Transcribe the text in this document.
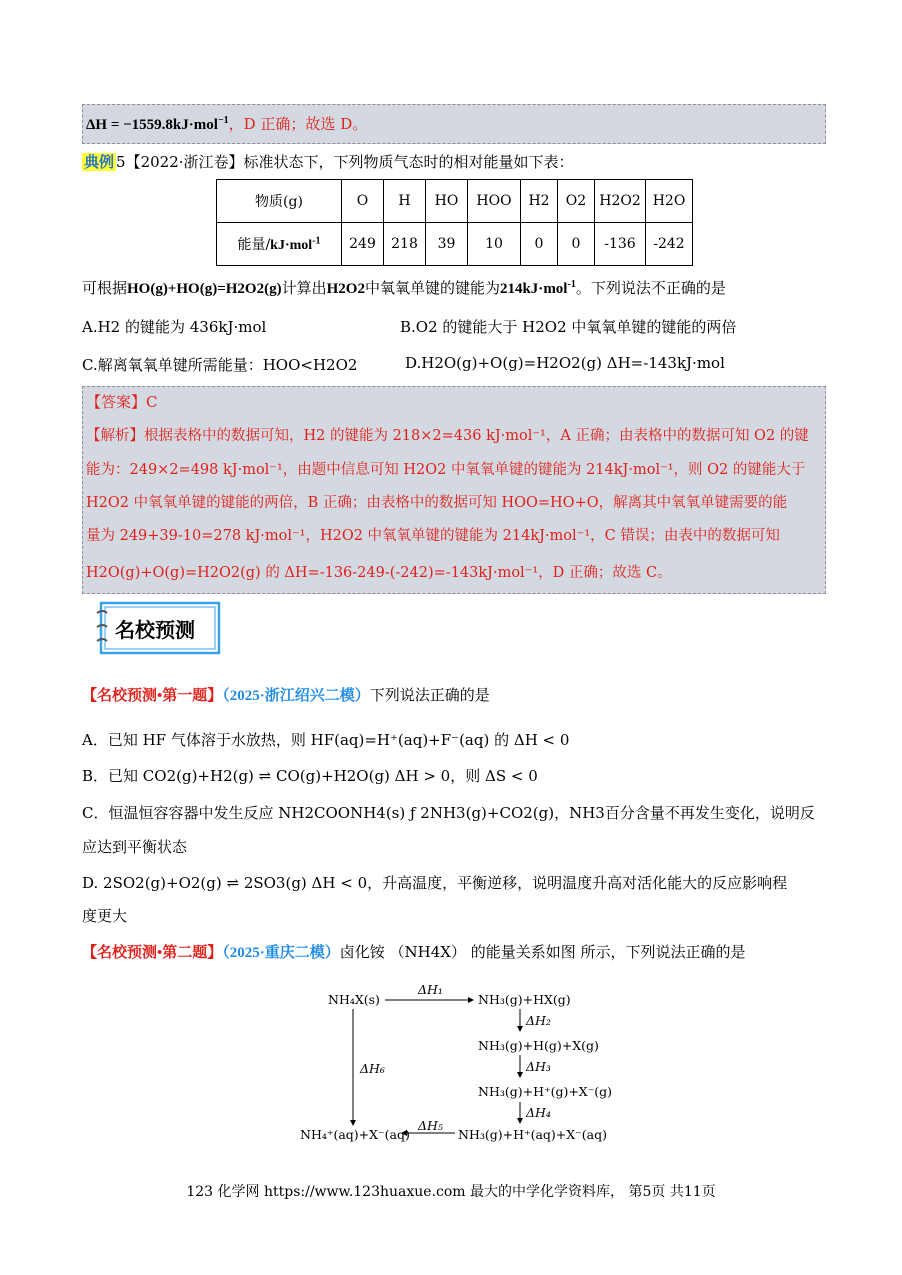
ΔH = −1559.8kJ·mol$^{-1}$，D 正确；故选 D。
典例 5【2022·浙江卷】标准状态下，下列物质气态时的相对能量如下表：
物质(g)	O	H	HO	HOO	H2	O2	H2O2	H2O
能量/kJ·mol$^{-1}$	249	218	39	10	0	0	-136	-242
可根据HO(g)+HO(g)=H2O2(g)计算出H2O2中氧氧单键的键能为214kJ·mol$^{-1}$。下列说法不正确的是
A.H2 的键能为 436kJ·mol	B.O2 的键能大于 H2O2 中氧氧单键的键能的两倍
C.解离氧氧单键所需能量：HOO<H2O2	D.H2O(g)+O(g)=H2O2(g) ΔH=-143kJ·mol
【答案】C
【解析】根据表格中的数据可知，H2 的键能为 218×2=436 kJ·mol⁻¹，A 正确；由表格中的数据可知 O2 的键
能为：249×2=498 kJ·mol⁻¹，由题中信息可知 H2O2 中氧氧单键的键能为 214kJ·mol⁻¹，则 O2 的键能大于
H2O2 中氧氧单键的键能的两倍，B 正确；由表格中的数据可知 HOO=HO+O，解离其中氧氧单键需要的能
量为 249+39-10=278 kJ·mol⁻¹，H2O2 中氧氧单键的键能为 214kJ·mol⁻¹，C 错误；由表中的数据可知
H2O(g)+O(g)=H2O2(g) 的 ΔH=-136-249-(-242)=-143kJ·mol⁻¹，D 正确；故选 C。
名校预测
【名校预测•第一题】（2025·浙江绍兴二模）下列说法正确的是
A．已知 HF 气体溶于水放热，则 HF(aq)=H⁺(aq)+F⁻(aq) 的 ΔH < 0
B．已知 CO2(g)+H2(g) ⇌ CO(g)+H2O(g) ΔH > 0，则 ΔS < 0
C．恒温恒容容器中发生反应 NH2COONH4(s) ƒ 2NH3(g)+CO2(g)，NH3百分含量不再发生变化，说明反
应达到平衡状态
D. 2SO2(g)+O2(g) ⇌ 2SO3(g) ΔH < 0，升高温度，平衡逆移，说明温度升高对活化能大的反应影响程
度更大
【名校预测•第二题】（2025·重庆二模）卤化铵 （NH4X） 的能量关系如图 所示，下列说法正确的是
NH₄X(s)	NH₃(g)+HX(g)
NH₃(g)+H(g)+X(g)
NH₃(g)+H⁺(g)+X⁻(g)
NH₃(g)+H⁺(aq)+X⁻(aq)
NH₄⁺(aq)+X⁻(aq)
ΔH₁
ΔH₂
ΔH₃
ΔH₄
ΔH₅
ΔH₆
123 化学网 https://www.123huaxue.com 最大的中学化学资料库， 第5页 共11页
